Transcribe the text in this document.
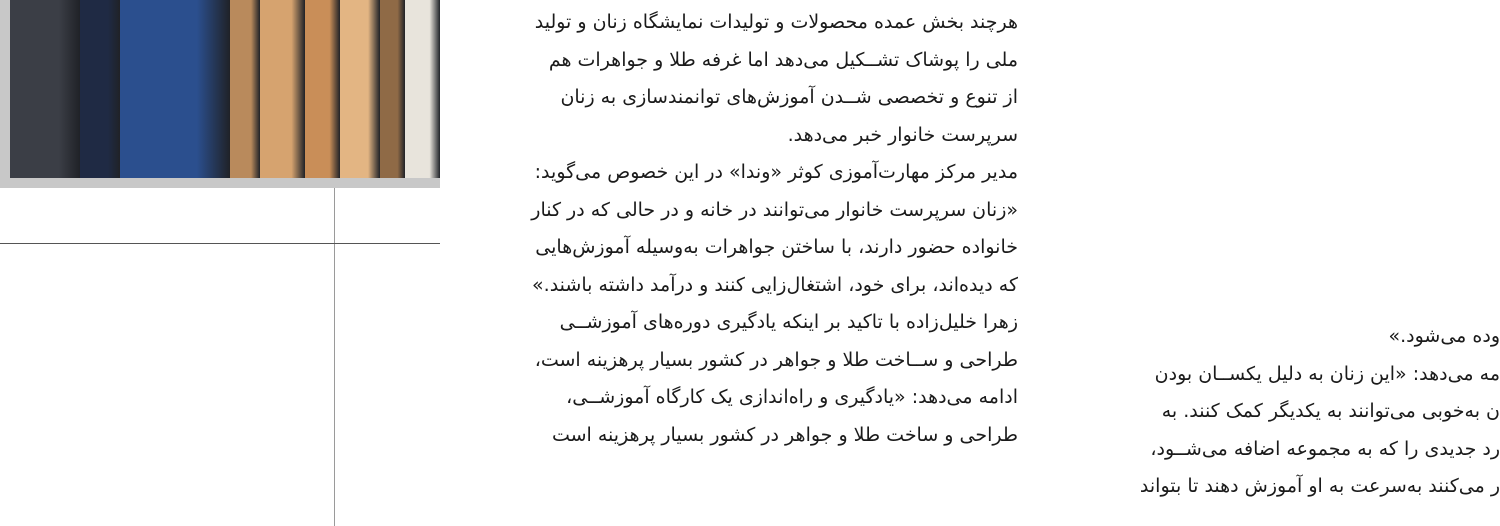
هرچند بخش عمده محصولات و تولیدات نمایشگاه زنان و تولید

ملی را پوشاک تشــکیل می‌دهد اما غرفه طلا و جواهرات هم

از تنوع و تخصصی شــدن آموزش‌های توانمندسازی به زنان

سرپرست خانوار خبر می‌دهد.

مدیر مرکز مهارت‌آموزی کوثر «وندا» در این خصوص می‌گوید:

«زنان سرپرست خانوار می‌توانند در خانه و در حالی که در کنار

خانواده حضور دارند، با ساختن جواهرات به‌وسیله آموزش‌هایی

که دیده‌اند، برای خود، اشتغال‌زایی کنند و درآمد داشته باشند.»

زهرا خلیل‌زاده با تاکید بر اینکه یادگیری دوره‌های آموزشــی

طراحی و ســاخت طلا و جواهر در کشور بسیار پرهزینه است،

ادامه می‌دهد: «یادگیری و راه‌اندازی یک کارگاه آموزشــی،

طراحی و ساخت طلا و جواهر در کشور بسیار پرهزینه است

وده می‌شود.»

مه می‌دهد: «این زنان به دلیل یکســان بودن

ن به‌خوبی می‌توانند به یکدیگر کمک کنند. به

رد جدیدی را که به مجموعه اضافه می‌شــود،

ر می‌کنند به‌سرعت به او آموزش دهند تا بتواند
